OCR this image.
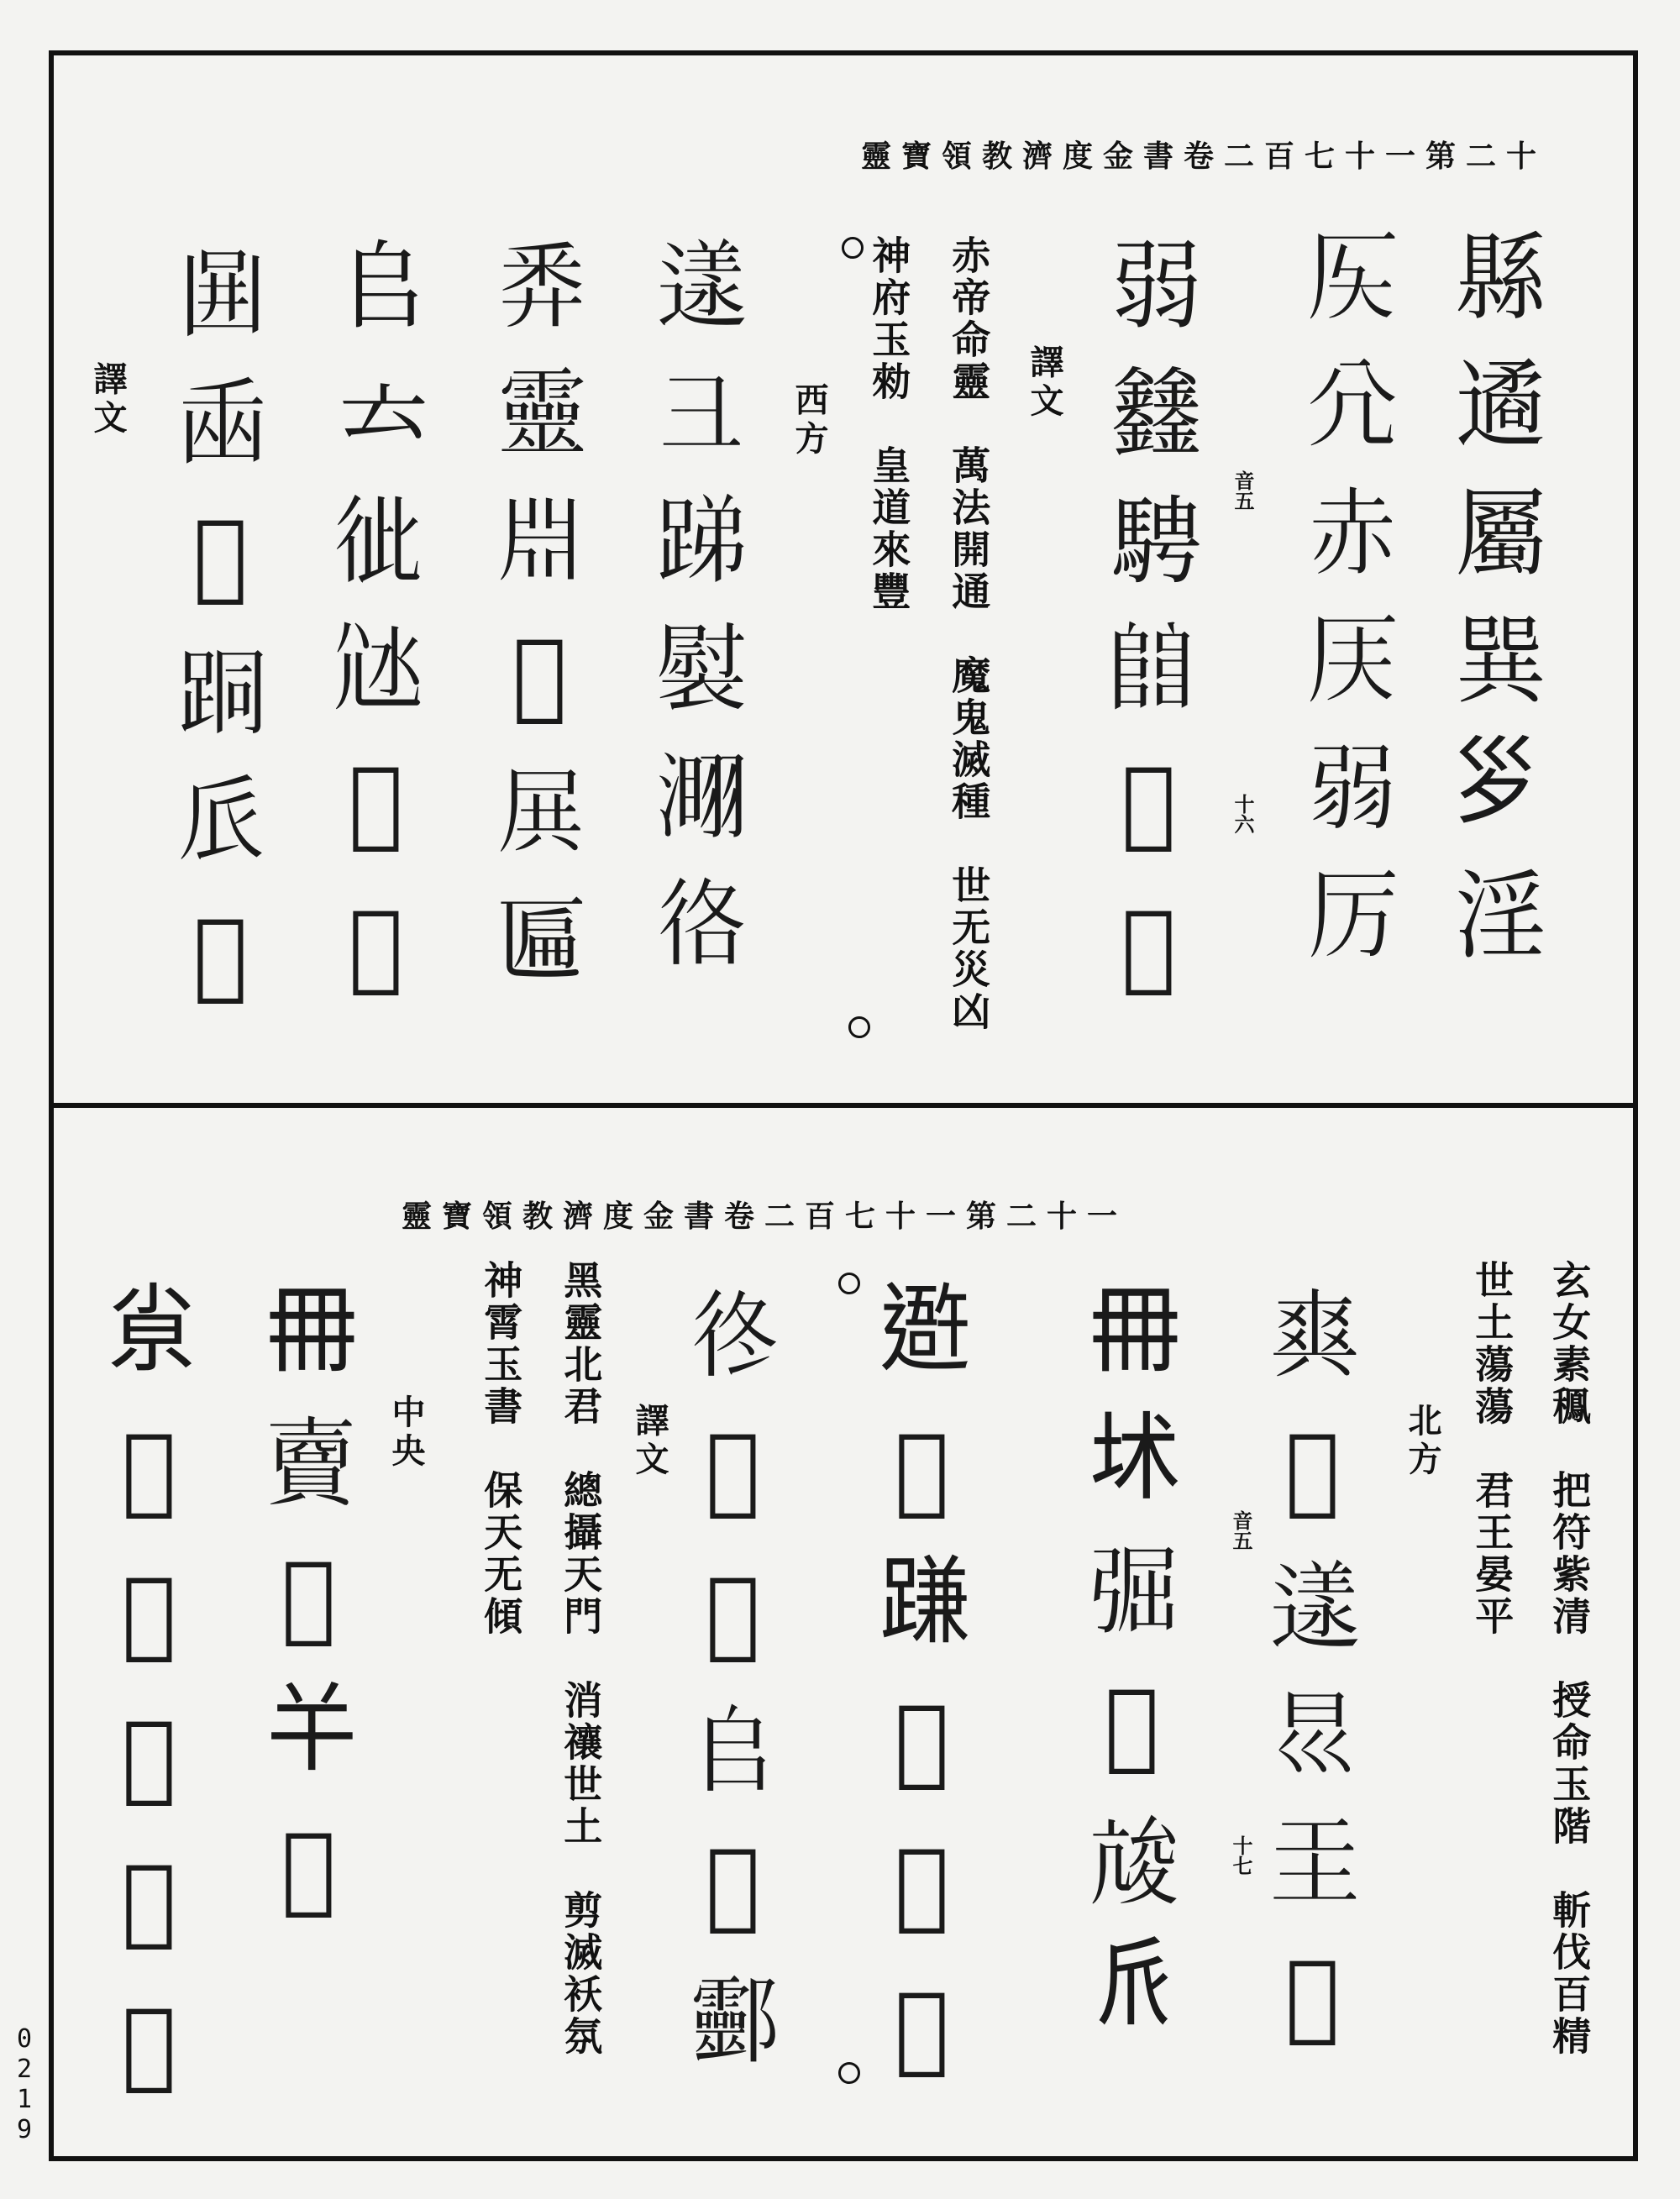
靈寶領教濟度金書卷二百七十一第二十
縣遹屬巽𡿪淫
𠨮𡯂赤𠨶弱厉
弱𨰻騁𨺅𣲞𡉑 音五
十六
譯文
赤帝命靈　萬法開通　魔鬼滅種　世无災凶
神府玉勑　皇道來豐
西方
𨖌彐𨁃褽𣻫𢓜
𢍏靈𣶒𠏿𡱒匾
𠂤𠫓𢓗𡯑𠨲𠨳
𠚎𠚏𥪝𨀜𠂢𠂬
譯文
靈寶領教濟度金書卷二百七十一第二十一
玄女素䆇　把符紫清　授命玉階　斬伐百精
世土蕩蕩　君王晏平
北方
音五
十七 𤕤𨆻𨖌𡿯𡉐𠊽
𠕋𡊍𢏷𦆷𡕧𠂢
𨖍𨼧𨃰𣶅𦡔𢏸
𢓘𢉹𤟁𠂤𨂼𨟯
譯文
黑靈北君　總攝天門　消禳世土　剪滅袄氛
神霄玉書　保天无傾
中央
𠕋𧷗𠂭𢆉𤽈
𡭴𡵨𡉂𨁃𢏷𨾻
0
2
1
9
